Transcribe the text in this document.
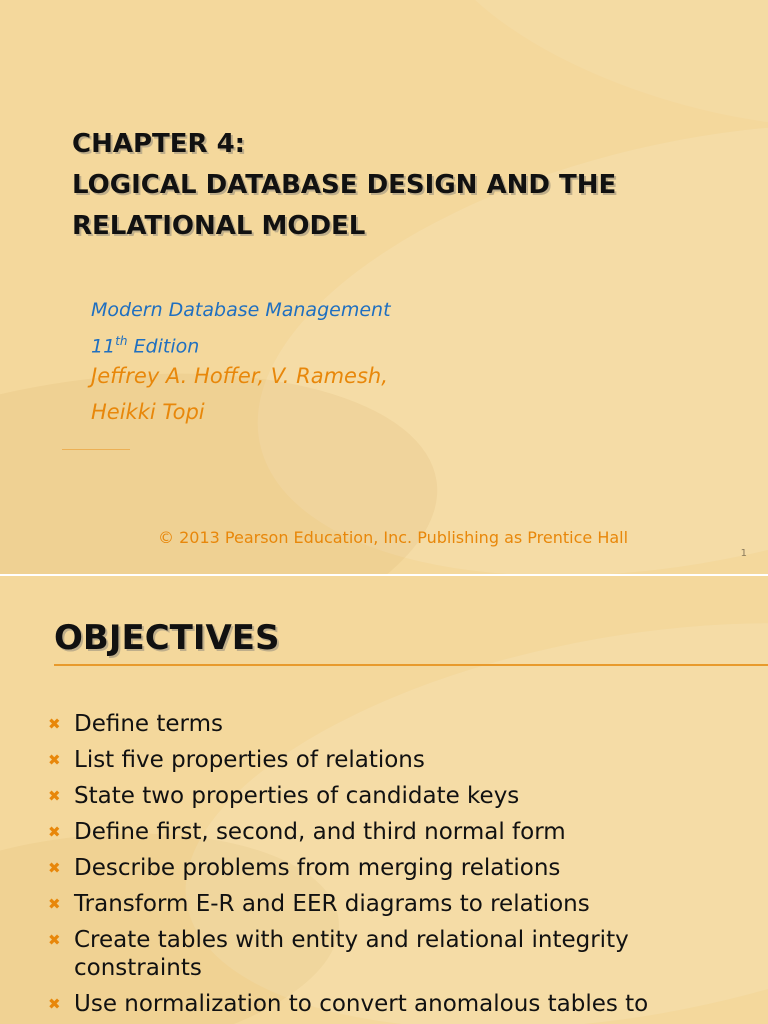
CHAPTER 4:
LOGICAL DATABASE DESIGN AND THE
RELATIONAL MODEL
Modern Database Management
11th Edition
Jeffrey A. Hoffer, V. Ramesh,
Heikki Topi
© 2013 Pearson Education, Inc. Publishing as Prentice Hall
1
OBJECTIVES
✖ Define terms
✖ List five properties of relations
✖ State two properties of candidate keys
✖ Define first, second, and third normal form
✖ Describe problems from merging relations
✖ Transform E-R and EER diagrams to relations
✖ Create tables with entity and relational integrity constraints
✖ Use normalization to convert anomalous tables to
